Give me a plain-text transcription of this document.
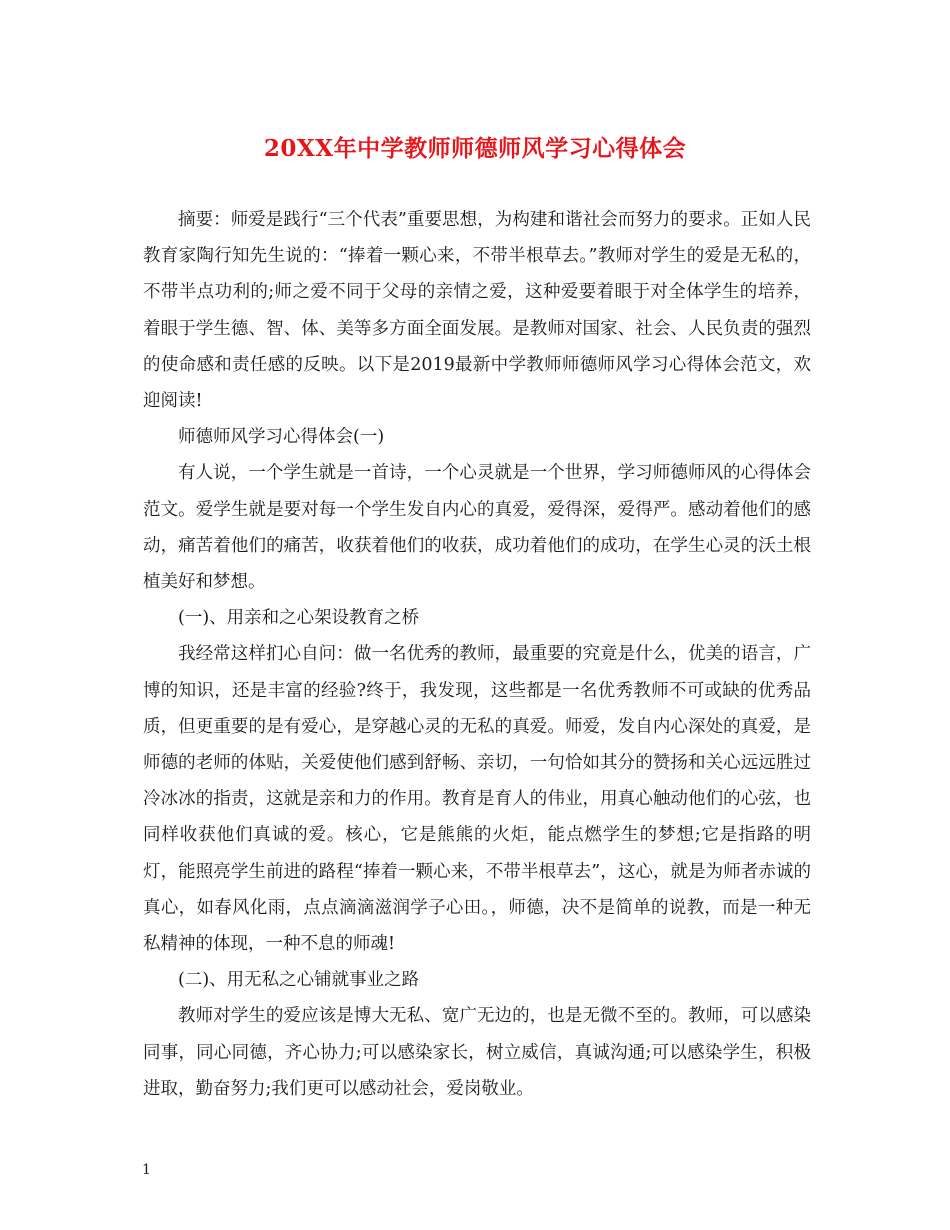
20XX年中学教师师德师风学习心得体会

摘要：师爱是践行“三个代表”重要思想，为构建和谐社会而努力的要求。正如人民教育家陶行知先生说的：“捧着一颗心来，不带半根草去。”教师对学生的爱是无私的，不带半点功利的;师之爱不同于父母的亲情之爱，这种爱要着眼于对全体学生的培养，着眼于学生德、智、体、美等多方面全面发展。是教师对国家、社会、人民负责的强烈的使命感和责任感的反映。以下是2019最新中学教师师德师风学习心得体会范文，欢迎阅读!

师德师风学习心得体会(一)

有人说，一个学生就是一首诗，一个心灵就是一个世界，学习师德师风的心得体会范文。爱学生就是要对每一个学生发自内心的真爱，爱得深，爱得严。感动着他们的感动，痛苦着他们的痛苦，收获着他们的收获，成功着他们的成功，在学生心灵的沃土根植美好和梦想。

(一)、用亲和之心架设教育之桥

我经常这样扪心自问：做一名优秀的教师，最重要的究竟是什么，优美的语言，广博的知识，还是丰富的经验?终于，我发现，这些都是一名优秀教师不可或缺的优秀品质，但更重要的是有爱心，是穿越心灵的无私的真爱。师爱，发自内心深处的真爱，是师德的老师的体贴，关爱使他们感到舒畅、亲切，一句恰如其分的赞扬和关心远远胜过冷冰冰的指责，这就是亲和力的作用。教育是育人的伟业，用真心触动他们的心弦，也同样收获他们真诚的爱。核心，它是熊熊的火炬，能点燃学生的梦想;它是指路的明灯，能照亮学生前进的路程“捧着一颗心来，不带半根草去”，这心，就是为师者赤诚的真心，如春风化雨，点点滴滴滋润学子心田。，师德，决不是简单的说教，而是一种无私精神的体现，一种不息的师魂!

(二)、用无私之心铺就事业之路

教师对学生的爱应该是博大无私、宽广无边的，也是无微不至的。教师，可以感染同事，同心同德，齐心协力;可以感染家长，树立威信，真诚沟通;可以感染学生，积极进取，勤奋努力;我们更可以感动社会，爱岗敬业。

1
